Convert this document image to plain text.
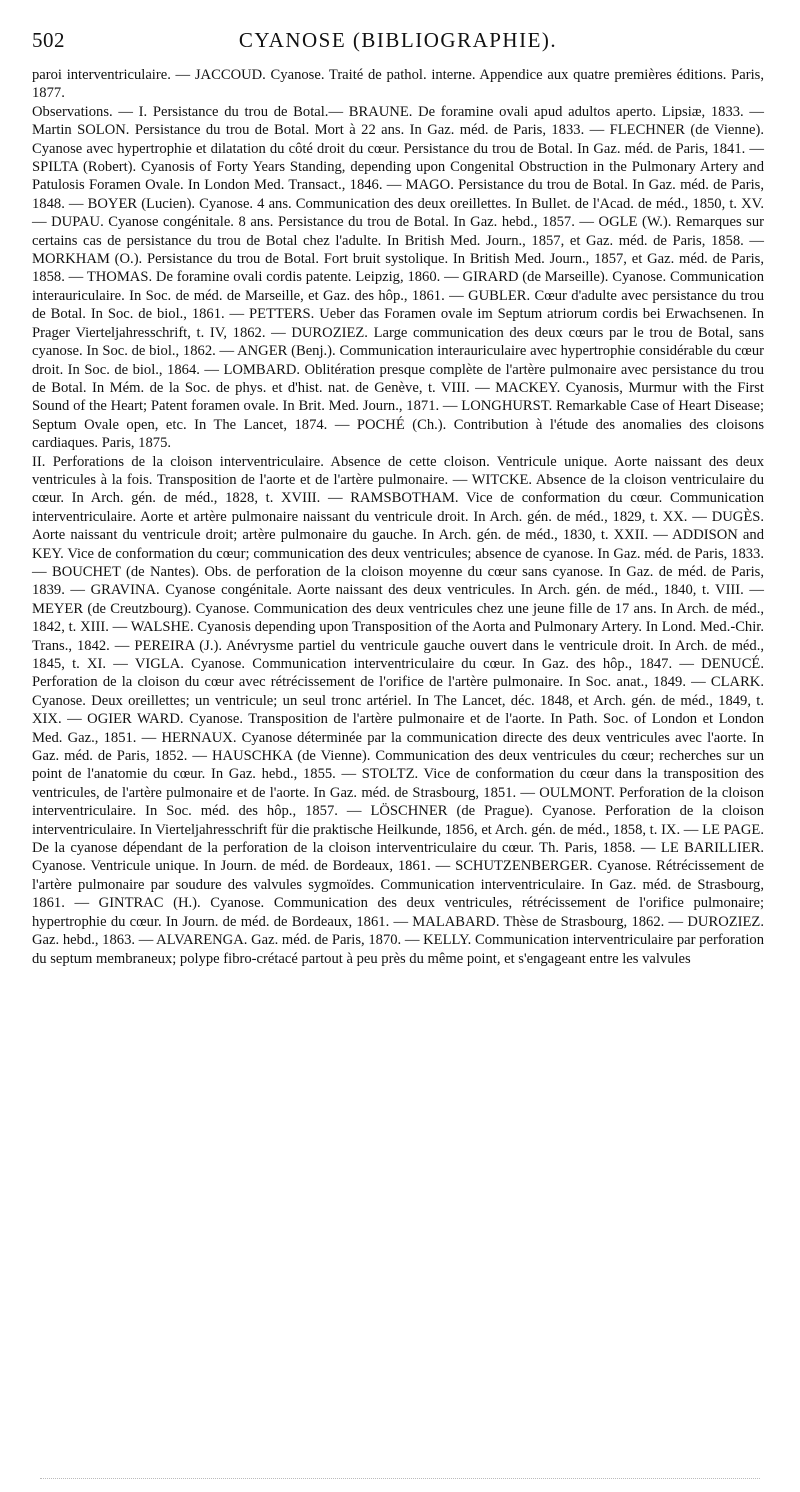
502	CYANOSE (BIBLIOGRAPHIE).

paroi interventriculaire. — JACCOUD. Cyanose. Traité de pathol. interne. Appendice aux quatre premières éditions. Paris, 1877.

Observations. — I. Persistance du trou de Botal.— BRAUNE. De foramine ovali apud adultos aperto. Lipsiæ, 1833. — Martin SOLON. Persistance du trou de Botal. Mort à 22 ans. In Gaz. méd. de Paris, 1833. — FLECHNER (de Vienne). Cyanose avec hypertrophie et dilatation du côté droit du cœur. Persistance du trou de Botal. In Gaz. méd. de Paris, 1841. — SPILTA (Robert). Cyanosis of Forty Years Standing, depending upon Congenital Obstruction in the Pulmonary Artery and Patulosis Foramen Ovale. In London Med. Transact., 1846. — MAGO. Persistance du trou de Botal. In Gaz. méd. de Paris, 1848. — BOYER (Lucien). Cyanose. 4 ans. Communication des deux oreillettes. In Bullet. de l'Acad. de méd., 1850, t. XV. — DUPAU. Cyanose congénitale. 8 ans. Persistance du trou de Botal. In Gaz. hebd., 1857. — OGLE (W.). Remarques sur certains cas de persistance du trou de Botal chez l'adulte. In British Med. Journ., 1857, et Gaz. méd. de Paris, 1858. — MORKHAM (O.). Persistance du trou de Botal. Fort bruit systolique. In British Med. Journ., 1857, et Gaz. méd. de Paris, 1858. — THOMAS. De foramine ovali cordis patente. Leipzig, 1860. — GIRARD (de Marseille). Cyanose. Communication interauriculaire. In Soc. de méd. de Marseille, et Gaz. des hôp., 1861. — GUBLER. Cœur d'adulte avec persistance du trou de Botal. In Soc. de biol., 1861. — PETTERS. Ueber das Foramen ovale im Septum atriorum cordis bei Erwachsenen. In Prager Vierteljahresschrift, t. IV, 1862. — DUROZIEZ. Large communication des deux cœurs par le trou de Botal, sans cyanose. In Soc. de biol., 1862. — ANGER (Benj.). Communication interauriculaire avec hypertrophie considérable du cœur droit. In Soc. de biol., 1864. — LOMBARD. Oblitération presque complète de l'artère pulmonaire avec persistance du trou de Botal. In Mém. de la Soc. de phys. et d'hist. nat. de Genève, t. VIII. — MACKEY. Cyanosis, Murmur with the First Sound of the Heart; Patent foramen ovale. In Brit. Med. Journ., 1871. — LONGHURST. Remarkable Case of Heart Disease; Septum Ovale open, etc. In The Lancet, 1874. — POCHÉ (Ch.). Contribution à l'étude des anomalies des cloisons cardiaques. Paris, 1875.

II. Perforations de la cloison interventriculaire. Absence de cette cloison. Ventricule unique. Aorte naissant des deux ventricules à la fois. Transposition de l'aorte et de l'artère pulmonaire. — WITCKE. Absence de la cloison ventriculaire du cœur. In Arch. gén. de méd., 1828, t. XVIII. — RAMSBOTHAM. Vice de conformation du cœur. Communication interventriculaire. Aorte et artère pulmonaire naissant du ventricule droit. In Arch. gén. de méd., 1829, t. XX. — DUGÈS. Aorte naissant du ventricule droit; artère pulmonaire du gauche. In Arch. gén. de méd., 1830, t. XXII. — ADDISON and KEY. Vice de conformation du cœur; communication des deux ventricules; absence de cyanose. In Gaz. méd. de Paris, 1833. — BOUCHET (de Nantes). Obs. de perforation de la cloison moyenne du cœur sans cyanose. In Gaz. de méd. de Paris, 1839. — GRAVINA. Cyanose congénitale. Aorte naissant des deux ventricules. In Arch. gén. de méd., 1840, t. VIII. — MEYER (de Creutzbourg). Cyanose. Communication des deux ventricules chez une jeune fille de 17 ans. In Arch. de méd., 1842, t. XIII. — WALSHE. Cyanosis depending upon Transposition of the Aorta and Pulmonary Artery. In Lond. Med.-Chir. Trans., 1842. — PEREIRA (J.). Anévrysme partiel du ventricule gauche ouvert dans le ventricule droit. In Arch. de méd., 1845, t. XI. — VIGLA. Cyanose. Communication interventriculaire du cœur. In Gaz. des hôp., 1847. — DENUCÉ. Perforation de la cloison du cœur avec rétrécissement de l'orifice de l'artère pulmonaire. In Soc. anat., 1849. — CLARK. Cyanose. Deux oreillettes; un ventricule; un seul tronc artériel. In The Lancet, déc. 1848, et Arch. gén. de méd., 1849, t. XIX. — OGIER WARD. Cyanose. Transposition de l'artère pulmonaire et de l'aorte. In Path. Soc. of London et London Med. Gaz., 1851. — HERNAUX. Cyanose déterminée par la communication directe des deux ventricules avec l'aorte. In Gaz. méd. de Paris, 1852. — HAUSCHKA (de Vienne). Communication des deux ventricules du cœur; recherches sur un point de l'anatomie du cœur. In Gaz. hebd., 1855. — STOLTZ. Vice de conformation du cœur dans la transposition des ventricules, de l'artère pulmonaire et de l'aorte. In Gaz. méd. de Strasbourg, 1851. — OULMONT. Perforation de la cloison interventriculaire. In Soc. méd. des hôp., 1857. — LÖSCHNER (de Prague). Cyanose. Perforation de la cloison interventriculaire. In Vierteljahresschrift für die praktische Heilkunde, 1856, et Arch. gén. de méd., 1858, t. IX. — LE PAGE. De la cyanose dépendant de la perforation de la cloison interventriculaire du cœur. Th. Paris, 1858. — LE BARILLIER. Cyanose. Ventricule unique. In Journ. de méd. de Bordeaux, 1861. — SCHUTZENBERGER. Cyanose. Rétrécissement de l'artère pulmonaire par soudure des valvules sygmoïdes. Communication interventriculaire. In Gaz. méd. de Strasbourg, 1861. — GINTRAC (H.). Cyanose. Communication des deux ventricules, rétrécissement de l'orifice pulmonaire; hypertrophie du cœur. In Journ. de méd. de Bordeaux, 1861. — MALABARD. Thèse de Strasbourg, 1862. — DUROZIEZ. Gaz. hebd., 1863. — ALVARENGA. Gaz. méd. de Paris, 1870. — KELLY. Communication interventriculaire par perforation du septum membraneux; polype fibro-crétacé partout à peu près du même point, et s'engageant entre les valvules
